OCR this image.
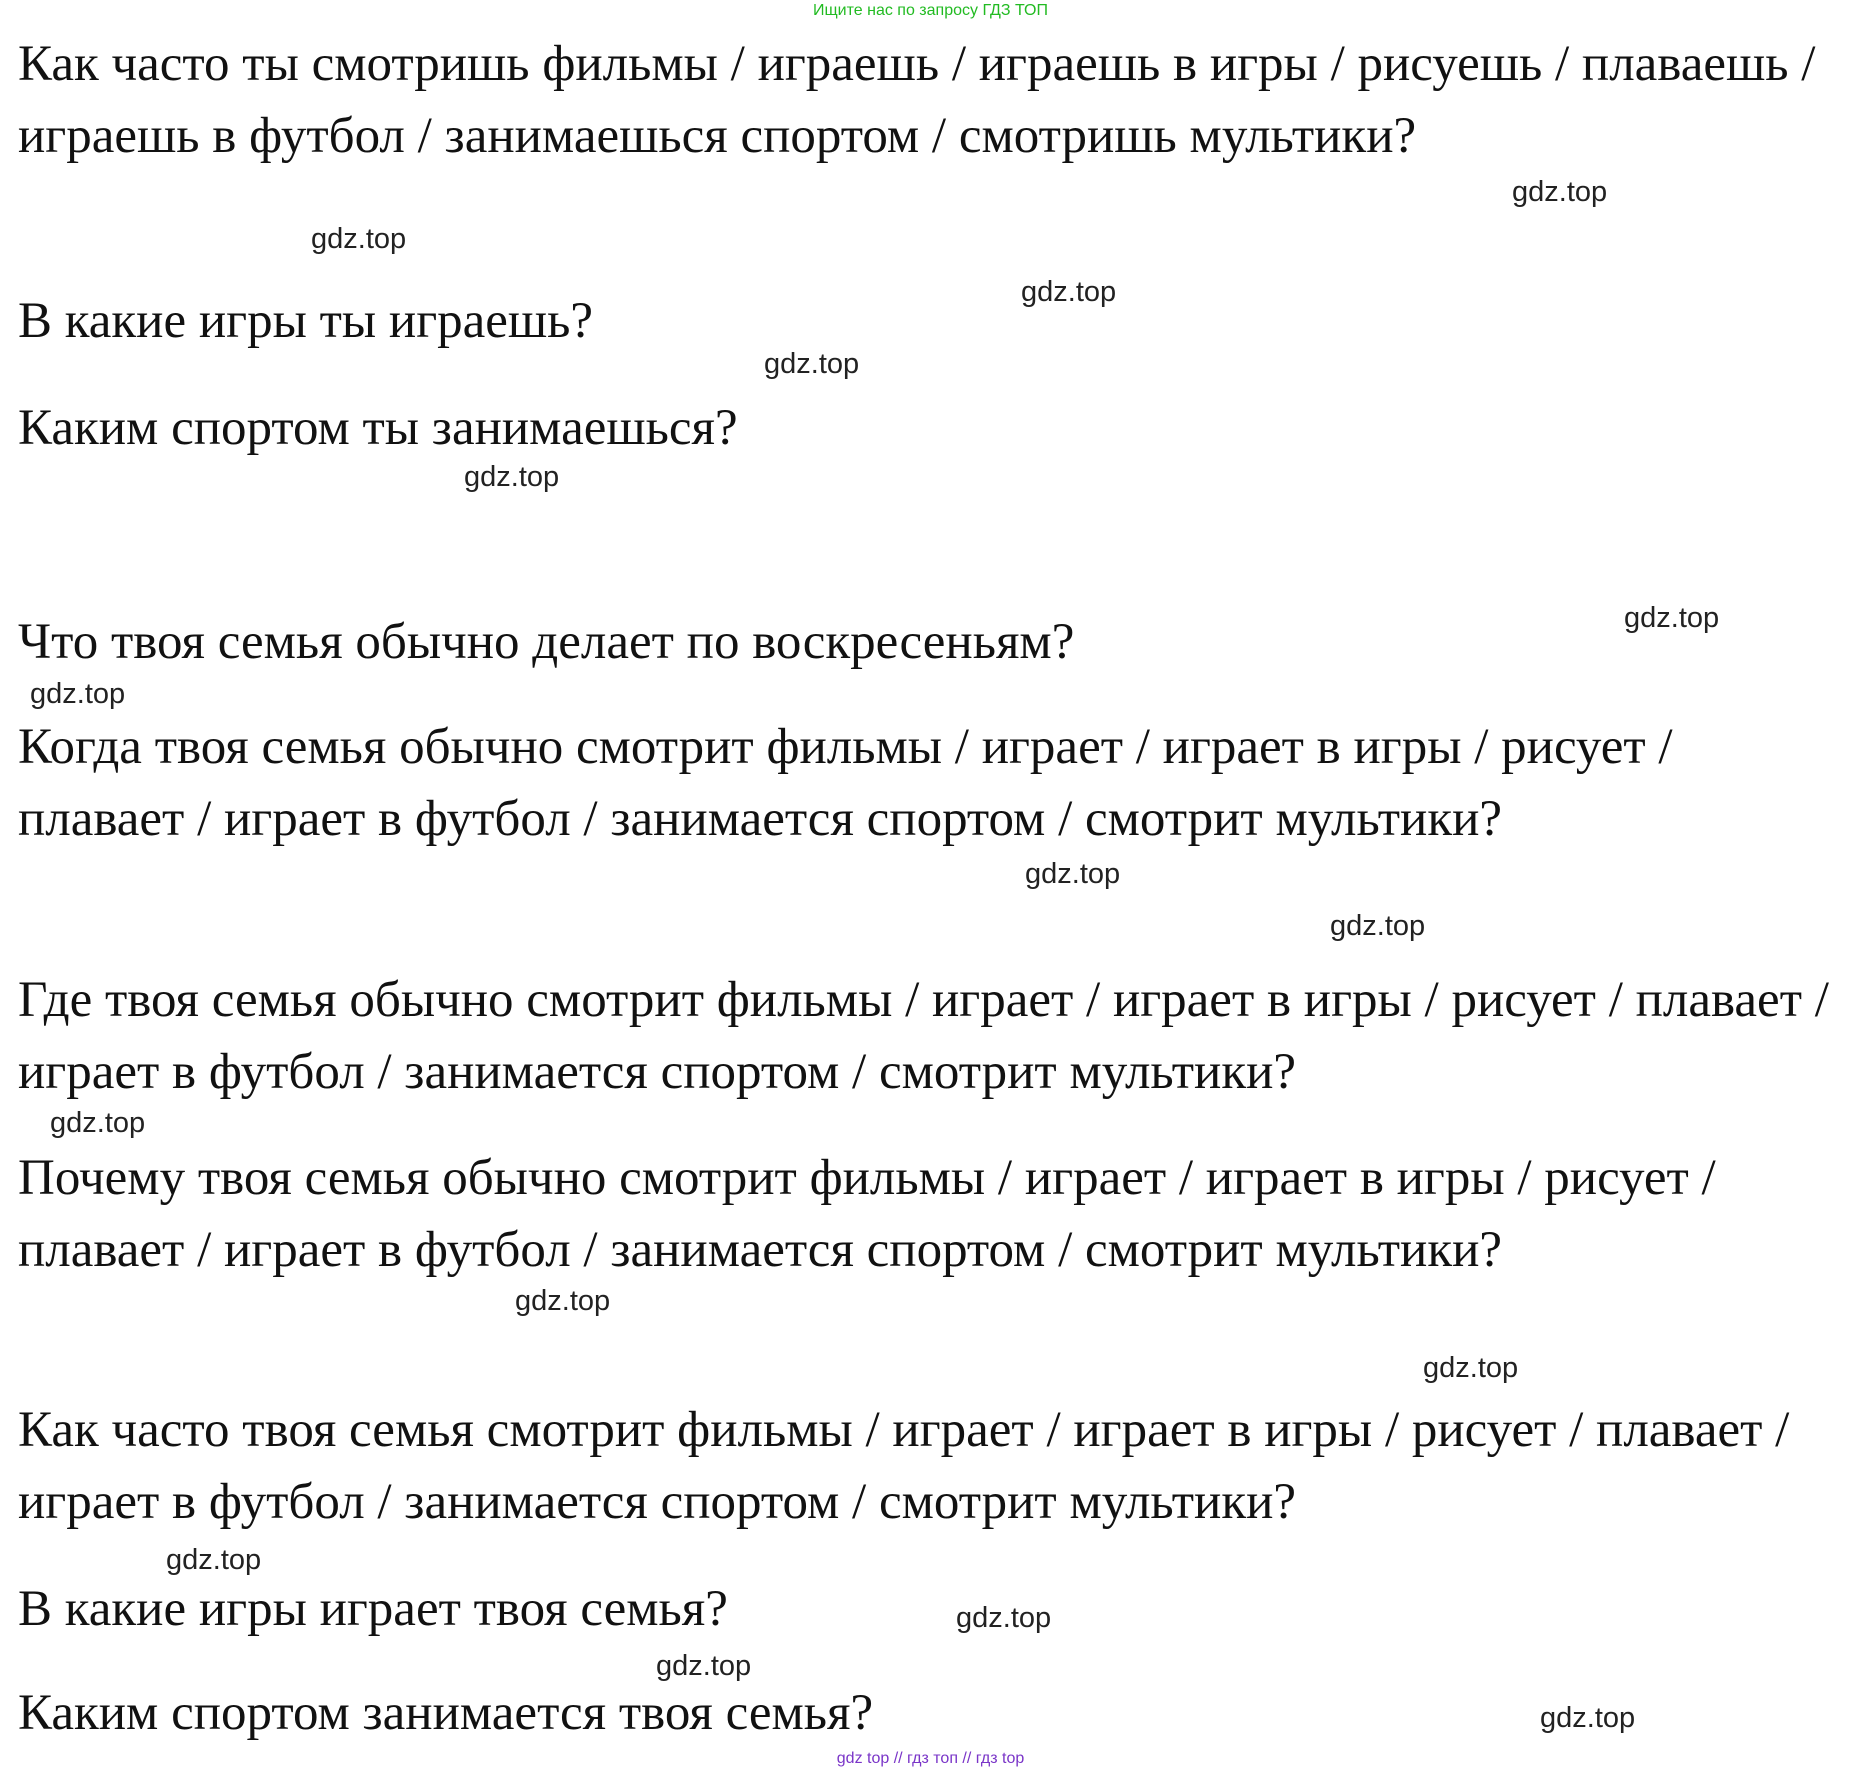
Ищите нас по запросу ГДЗ ТОП

Как часто ты смотришь фильмы / играешь / играешь в игры / рисуешь / плаваешь / играешь в футбол / занимаешься спортом / смотришь мультики?

В какие игры ты играешь?

Каким спортом ты занимаешься?

Что твоя семья обычно делает по воскресеньям?

Когда твоя семья обычно смотрит фильмы / играет / играет в игры / рисует / плавает / играет в футбол / занимается спортом / смотрит мультики?

Где твоя семья обычно смотрит фильмы / играет / играет в игры / рисует / плавает / играет в футбол / занимается спортом / смотрит мультики?

Почему твоя семья обычно смотрит фильмы / играет / играет в игры / рисует / плавает / играет в футбол / занимается спортом / смотрит мультики?

Как часто твоя семья смотрит фильмы / играет / играет в игры / рисует / плавает / играет в футбол / занимается спортом / смотрит мультики?

В какие игры играет твоя семья?

Каким спортом занимается твоя семья?

gdz.top
gdz.top
gdz.top
gdz.top
gdz.top
gdz.top
gdz.top
gdz.top
gdz.top
gdz.top
gdz.top
gdz.top
gdz.top
gdz.top
gdz.top
gdz.top
gdz top // гдз топ // гдз top
